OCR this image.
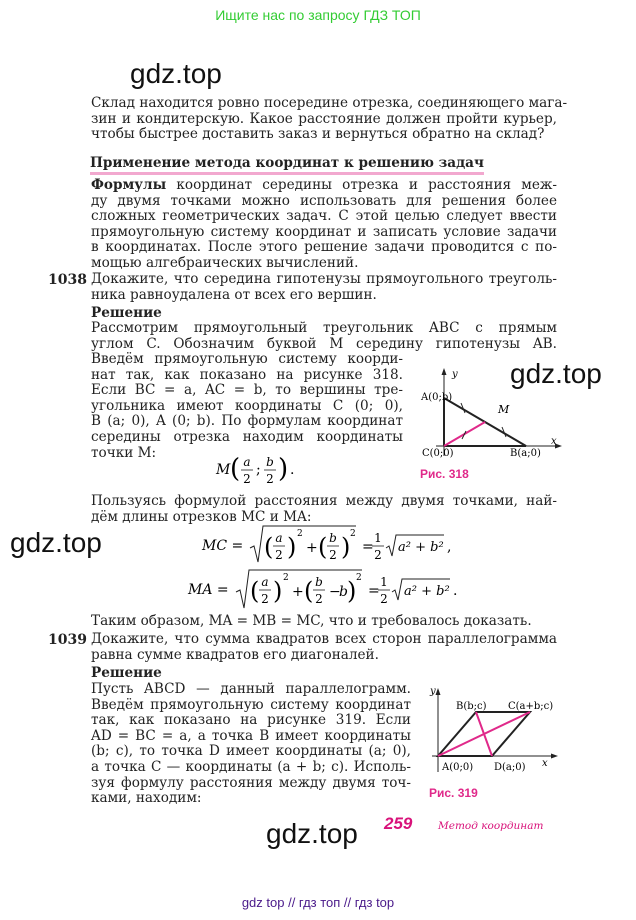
Ищите нас по запросу ГДЗ ТОП
gdz.top
gdz.top
gdz.top
gdz.top
Склад находится ровно посередине отрезка, соединяющего мага-
зин и кондитерскую. Какое расстояние должен пройти курьер,
чтобы быстрее доставить заказ и вернуться обратно на склад?
Применение метода координат к решению задач
Формулы координат середины отрезка и расстояния меж-
ду двумя точками можно использовать для решения более
сложных геометрических задач. С этой целью следует ввести
прямоугольную систему координат и записать условие задачи
в координатах. После этого решение задачи проводится с по-
мощью алгебраических вычислений.
1038 Докажите, что середина гипотенузы прямоугольного треуголь-
ника равноудалена от всех его вершин.
Решение
Рассмотрим прямоугольный треугольник ABC с прямым
углом C. Обозначим буквой M середину гипотенузы AB.
Введём прямоугольную систему коорди-
нат так, как показано на рисунке 318.
Если BC = a, AC = b, то вершины тре-
угольника имеют координаты C (0; 0),
B (a; 0), A (0; b). По формулам координат
середины отрезка находим координаты
точки M:
M ( a
2
; b
2 ) .
y
x
A(0;b)
M
C(0;0)	B(a;0)
Рис. 318
Пользуясь формулой расстояния между двумя точками, най-
дём длины отрезков MC и MA:
MC = ( a
2 ) 2
+ ( b
2 ) 2
=
1
2 a² + b² ,
MA = ( a
2 ) 2
+ ( b
2 −
b ) 2
=
1
2 a² + b² .
Таким образом, MA = MB = MC, что и требовалось доказать.
1039 Докажите, что сумма квадратов всех сторон параллелограмма
равна сумме квадратов его диагоналей.
Решение
Пусть ABCD — данный параллелограмм.
Введём прямоугольную систему координат
так, как показано на рисунке 319. Если
AD = BC = a, а точка B имеет координаты
(b; c), то точка D имеет координаты (a; 0),
а точка C — координаты (a + b; c). Исполь-
зуя формулу расстояния между двумя точ-
ками, находим:
y
x
B(b;c) C(a+b;c)
A(0;0) D(a;0)
Рис. 319
259 Метод координат
gdz top // гдз топ // гдз top
